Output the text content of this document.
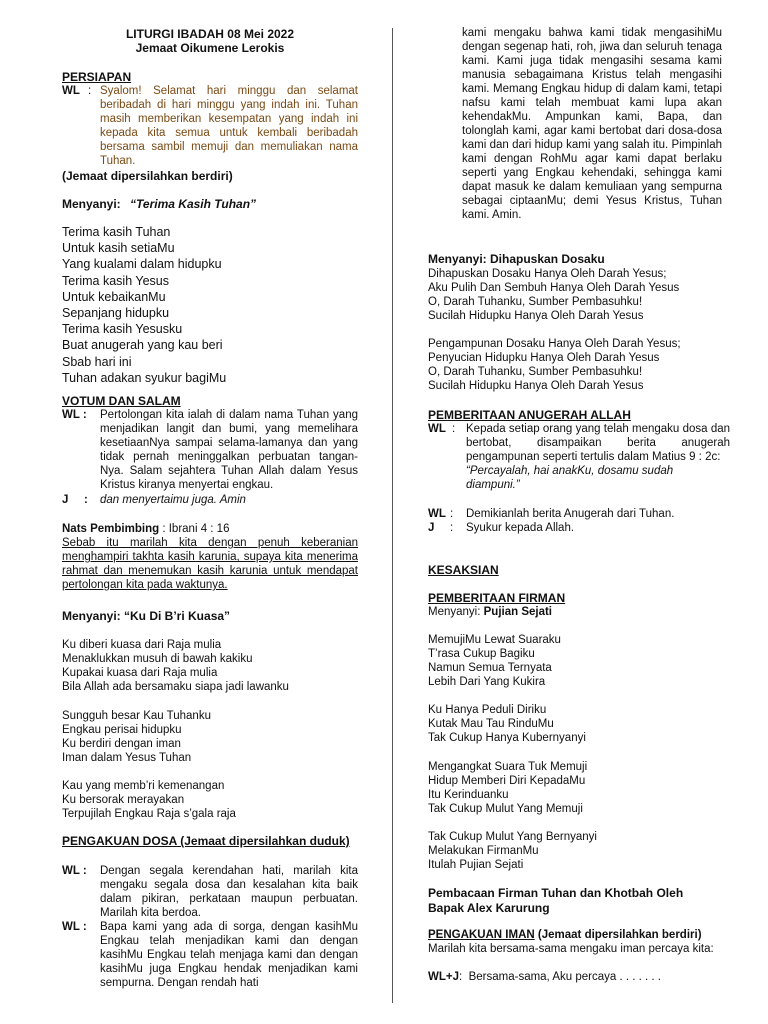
LITURGI IBADAH 08 Mei 2022
Jemaat Oikumene Lerokis
PERSIAPAN
WL : Syalom! Selamat hari minggu dan selamat beribadah di hari minggu yang indah ini. Tuhan masih memberikan kesempatan yang indah ini kepada kita semua untuk kembali beribadah bersama sambil memuji dan memuliakan nama Tuhan.
(Jemaat dipersilahkan berdiri)
Menyanyi: “Terima Kasih Tuhan”
Terima kasih Tuhan
Untuk kasih setiaMu
Yang kualami dalam hidupku
Terima kasih Yesus
Untuk kebaikanMu
Sepanjang hidupku
Terima kasih Yesusku
Buat anugerah yang kau beri
Sbab hari ini
Tuhan adakan syukur bagiMu
VOTUM DAN SALAM
WL : Pertolongan kita ialah di dalam nama Tuhan yang menjadikan langit dan bumi, yang memelihara kesetiaanNya sampai selama-lamanya dan yang tidak pernah meninggalkan perbuatan tangan-Nya. Salam sejahtera Tuhan Allah dalam Yesus Kristus kiranya menyertai engkau.
J : dan menyertaimu juga. Amin
Nats Pembimbing : Ibrani 4 : 16
Sebab itu marilah kita dengan penuh keberanian menghampiri takhta kasih karunia, supaya kita menerima rahmat dan menemukan kasih karunia untuk mendapat pertolongan kita pada waktunya.
Menyanyi: “Ku Di B’ri Kuasa”
Ku diberi kuasa dari Raja mulia
Menaklukkan musuh di bawah kakiku
Kupakai kuasa dari Raja mulia
Bila Allah ada bersamaku siapa jadi lawanku
Sungguh besar Kau Tuhanku
Engkau perisai hidupku
Ku berdiri dengan iman
Iman dalam Yesus Tuhan
Kau yang memb’ri kemenangan
Ku bersorak merayakan
Terpujilah Engkau Raja s’gala raja
PENGAKUAN DOSA (Jemaat dipersilahkan duduk)
WL : Dengan segala kerendahan hati, marilah kita mengaku segala dosa dan kesalahan kita baik dalam pikiran, perkataan maupun perbuatan. Marilah kita berdoa.
WL : Bapa kami yang ada di sorga, dengan kasihMu Engkau telah menjadikan kami dan dengan kasihMu Engkau telah menjaga kami dan dengan kasihMu juga Engkau hendak menjadikan kami sempurna. Dengan rendah hati
kami mengaku bahwa kami tidak mengasihiMu dengan segenap hati, roh, jiwa dan seluruh tenaga kami. Kami juga tidak mengasihi sesama kami manusia sebagaimana Kristus telah mengasihi kami. Memang Engkau hidup di dalam kami, tetapi nafsu kami telah membuat kami lupa akan kehendakMu. Ampunkan kami, Bapa, dan tolonglah kami, agar kami bertobat dari dosa-dosa kami dan dari hidup kami yang salah itu. Pimpinlah kami dengan RohMu agar kami dapat berlaku seperti yang Engkau kehendaki, sehingga kami dapat masuk ke dalam kemuliaan yang sempurna sebagai ciptaanMu; demi Yesus Kristus, Tuhan kami. Amin.
Menyanyi: Dihapuskan Dosaku
Dihapuskan Dosaku Hanya Oleh Darah Yesus;
Aku Pulih Dan Sembuh Hanya Oleh Darah Yesus
O, Darah Tuhanku, Sumber Pembasuhku!
Sucilah Hidupku Hanya Oleh Darah Yesus
Pengampunan Dosaku Hanya Oleh Darah Yesus;
Penyucian Hidupku Hanya Oleh Darah Yesus
O, Darah Tuhanku, Sumber Pembasuhku!
Sucilah Hidupku Hanya Oleh Darah Yesus
PEMBERITAAN ANUGERAH ALLAH
WL : Kepada setiap orang yang telah mengaku dosa dan bertobat, disampaikan berita anugerah pengampunan seperti tertulis dalam Matius 9 : 2c:
“Percayalah, hai anakKu, dosamu sudah diampuni.”
WL : Demikianlah berita Anugerah dari Tuhan.
J : Syukur kepada Allah.
KESAKSIAN
PEMBERITAAN FIRMAN
Menyanyi: Pujian Sejati
MemujiMu Lewat Suaraku
T’rasa Cukup Bagiku
Namun Semua Ternyata
Lebih Dari Yang Kukira
Ku Hanya Peduli Diriku
Kutak Mau Tau RinduMu
Tak Cukup Hanya Kubernyanyi
Mengangkat Suara Tuk Memuji
Hidup Memberi Diri KepadaMu
Itu Kerinduanku
Tak Cukup Mulut Yang Memuji
Tak Cukup Mulut Yang Bernyanyi
Melakukan FirmanMu
Itulah Pujian Sejati
Pembacaan Firman Tuhan dan Khotbah Oleh Bapak Alex Karurung
PENGAKUAN IMAN (Jemaat dipersilahkan berdiri)
Marilah kita bersama-sama mengaku iman percaya kita:
WL+J:  Bersama-sama, Aku percaya . . . . . . .
